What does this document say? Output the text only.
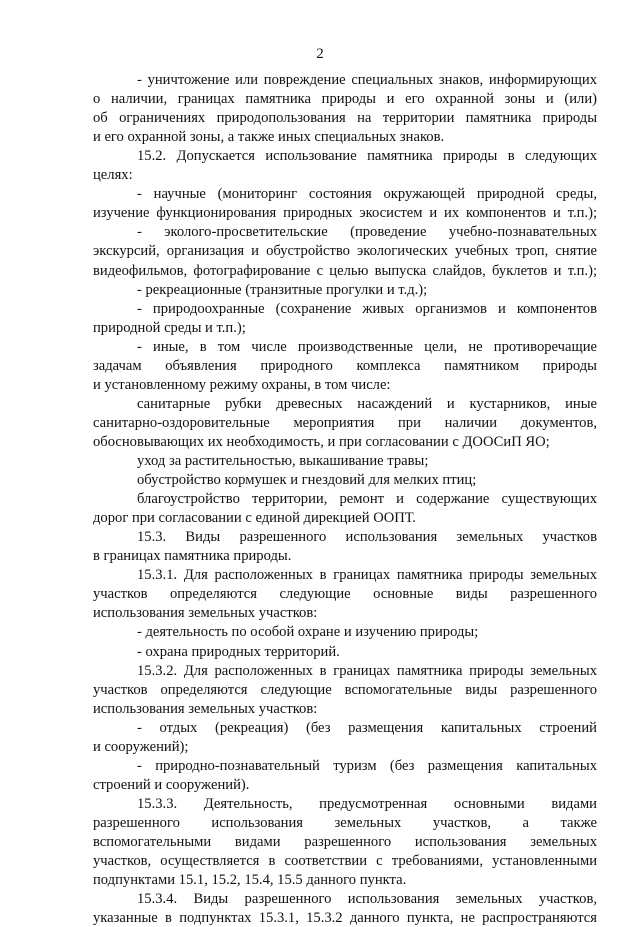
2
- уничтожение или повреждение специальных знаков, информирующих
о наличии, границах памятника природы и его охранной зоны и (или)
об ограничениях природопользования на территории памятника природы
и его охранной зоны, а также иных специальных знаков.
15.2. Допускается использование памятника природы в следующих
целях:
- научные (мониторинг состояния окружающей природной среды,
изучение функционирования природных экосистем и их компонентов и т.п.);
- эколого-просветительские (проведение учебно-познавательных
экскурсий, организация и обустройство экологических учебных троп, снятие
видеофильмов, фотографирование с целью выпуска слайдов, буклетов и т.п.);
- рекреационные (транзитные прогулки и т.д.);
- природоохранные (сохранение живых организмов и компонентов
природной среды и т.п.);
- иные, в том числе производственные цели, не противоречащие
задачам объявления природного комплекса памятником природы
и установленному режиму охраны, в том числе:
санитарные рубки древесных насаждений и кустарников, иные
санитарно-оздоровительные мероприятия при наличии документов,
обосновывающих их необходимость, и при согласовании с ДООСиП ЯО;
уход за растительностью, выкашивание травы;
обустройство кормушек и гнездовий для мелких птиц;
благоустройство территории, ремонт и содержание существующих
дорог при согласовании с единой дирекцией ООПТ.
15.3. Виды разрешенного использования земельных участков
в границах памятника природы.
15.3.1. Для расположенных в границах памятника природы земельных
участков определяются следующие основные виды разрешенного
использования земельных участков:
- деятельность по особой охране и изучению природы;
- охрана природных территорий.
15.3.2. Для расположенных в границах памятника природы земельных
участков определяются следующие вспомогательные виды разрешенного
использования земельных участков:
- отдых (рекреация) (без размещения капитальных строений
и сооружений);
- природно-познавательный туризм (без размещения капитальных
строений и сооружений).
15.3.3. Деятельность, предусмотренная основными видами
разрешенного использования земельных участков, а также
вспомогательными видами разрешенного использования земельных
участков, осуществляется в соответствии с требованиями, установленными
подпунктами 15.1, 15.2, 15.4, 15.5 данного пункта.
15.3.4. Виды разрешенного использования земельных участков,
указанные в подпунктах 15.3.1, 15.3.2 данного пункта, не распространяются
